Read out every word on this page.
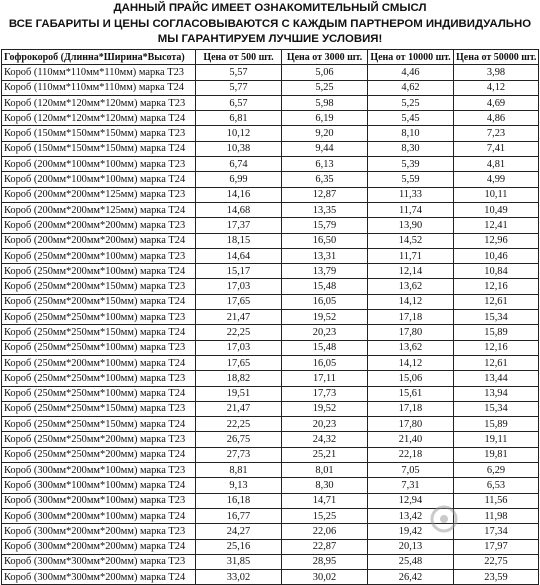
ДАННЫЙ ПРАЙС ИМЕЕТ ОЗНАКОМИТЕЛЬНЫЙ СМЫСЛ
ВСЕ ГАБАРИТЫ И ЦЕНЫ СОГЛАСОВЫВАЮТСЯ С КАЖДЫМ ПАРТНЕРОМ ИНДИВИДУАЛЬНО
МЫ ГАРАНТИРУЕМ ЛУЧШИЕ УСЛОВИЯ!
Гофрокороб (Длинна*Ширина*Высота)	Цена от 500 шт.	Цена от 3000 шт.	Цена от 10000 шт.	Цена от 50000 шт.
Короб (110мм*110мм*110мм) марка Т23	5,57	5,06	4,46	3,98
Короб (110мм*110мм*110мм) марка Т24	5,77	5,25	4,62	4,12
Короб (120мм*120мм*120мм) марка Т23	6,57	5,98	5,25	4,69
Короб (120мм*120мм*120мм) марка Т24	6,81	6,19	5,45	4,86
Короб (150мм*150мм*150мм) марка Т23	10,12	9,20	8,10	7,23
Короб (150мм*150мм*150мм) марка Т24	10,38	9,44	8,30	7,41
Короб (200мм*100мм*100мм) марка Т23	6,74	6,13	5,39	4,81
Короб (200мм*100мм*100мм) марка Т24	6,99	6,35	5,59	4,99
Короб (200мм*200мм*125мм) марка Т23	14,16	12,87	11,33	10,11
Короб (200мм*200мм*125мм) марка Т24	14,68	13,35	11,74	10,49
Короб (200мм*200мм*200мм) марка Т23	17,37	15,79	13,90	12,41
Короб (200мм*200мм*200мм) марка Т24	18,15	16,50	14,52	12,96
Короб (250мм*200мм*100мм) марка Т23	14,64	13,31	11,71	10,46
Короб (250мм*200мм*100мм) марка Т24	15,17	13,79	12,14	10,84
Короб (250мм*200мм*150мм) марка Т23	17,03	15,48	13,62	12,16
Короб (250мм*200мм*150мм) марка Т24	17,65	16,05	14,12	12,61
Короб (250мм*250мм*100мм) марка Т23	21,47	19,52	17,18	15,34
Короб (250мм*250мм*150мм) марка Т24	22,25	20,23	17,80	15,89
Короб (250мм*250мм*100мм) марка Т23	17,03	15,48	13,62	12,16
Короб (250мм*200мм*100мм) марка Т24	17,65	16,05	14,12	12,61
Короб (250мм*250мм*100мм) марка Т23	18,82	17,11	15,06	13,44
Короб (250мм*250мм*100мм) марка Т24	19,51	17,73	15,61	13,94
Короб (250мм*250мм*150мм) марка Т23	21,47	19,52	17,18	15,34
Короб (250мм*250мм*150мм) марка Т24	22,25	20,23	17,80	15,89
Короб (250мм*250мм*200мм) марка Т23	26,75	24,32	21,40	19,11
Короб (250мм*250мм*200мм) марка Т24	27,73	25,21	22,18	19,81
Короб (300мм*200мм*100мм) марка Т23	8,81	8,01	7,05	6,29
Короб (300мм*100мм*100мм) марка Т24	9,13	8,30	7,31	6,53
Короб (300мм*200мм*100мм) марка Т23	16,18	14,71	12,94	11,56
Короб (300мм*200мм*100мм) марка Т24	16,77	15,25	13,42	11,98
Короб (300мм*200мм*200мм) марка Т23	24,27	22,06	19,42	17,34
Короб (300мм*200мм*200мм) марка Т24	25,16	22,87	20,13	17,97
Короб (300мм*300мм*200мм) марка Т23	31,85	28,95	25,48	22,75
Короб (300мм*300мм*200мм) марка Т24	33,02	30,02	26,42	23,59
